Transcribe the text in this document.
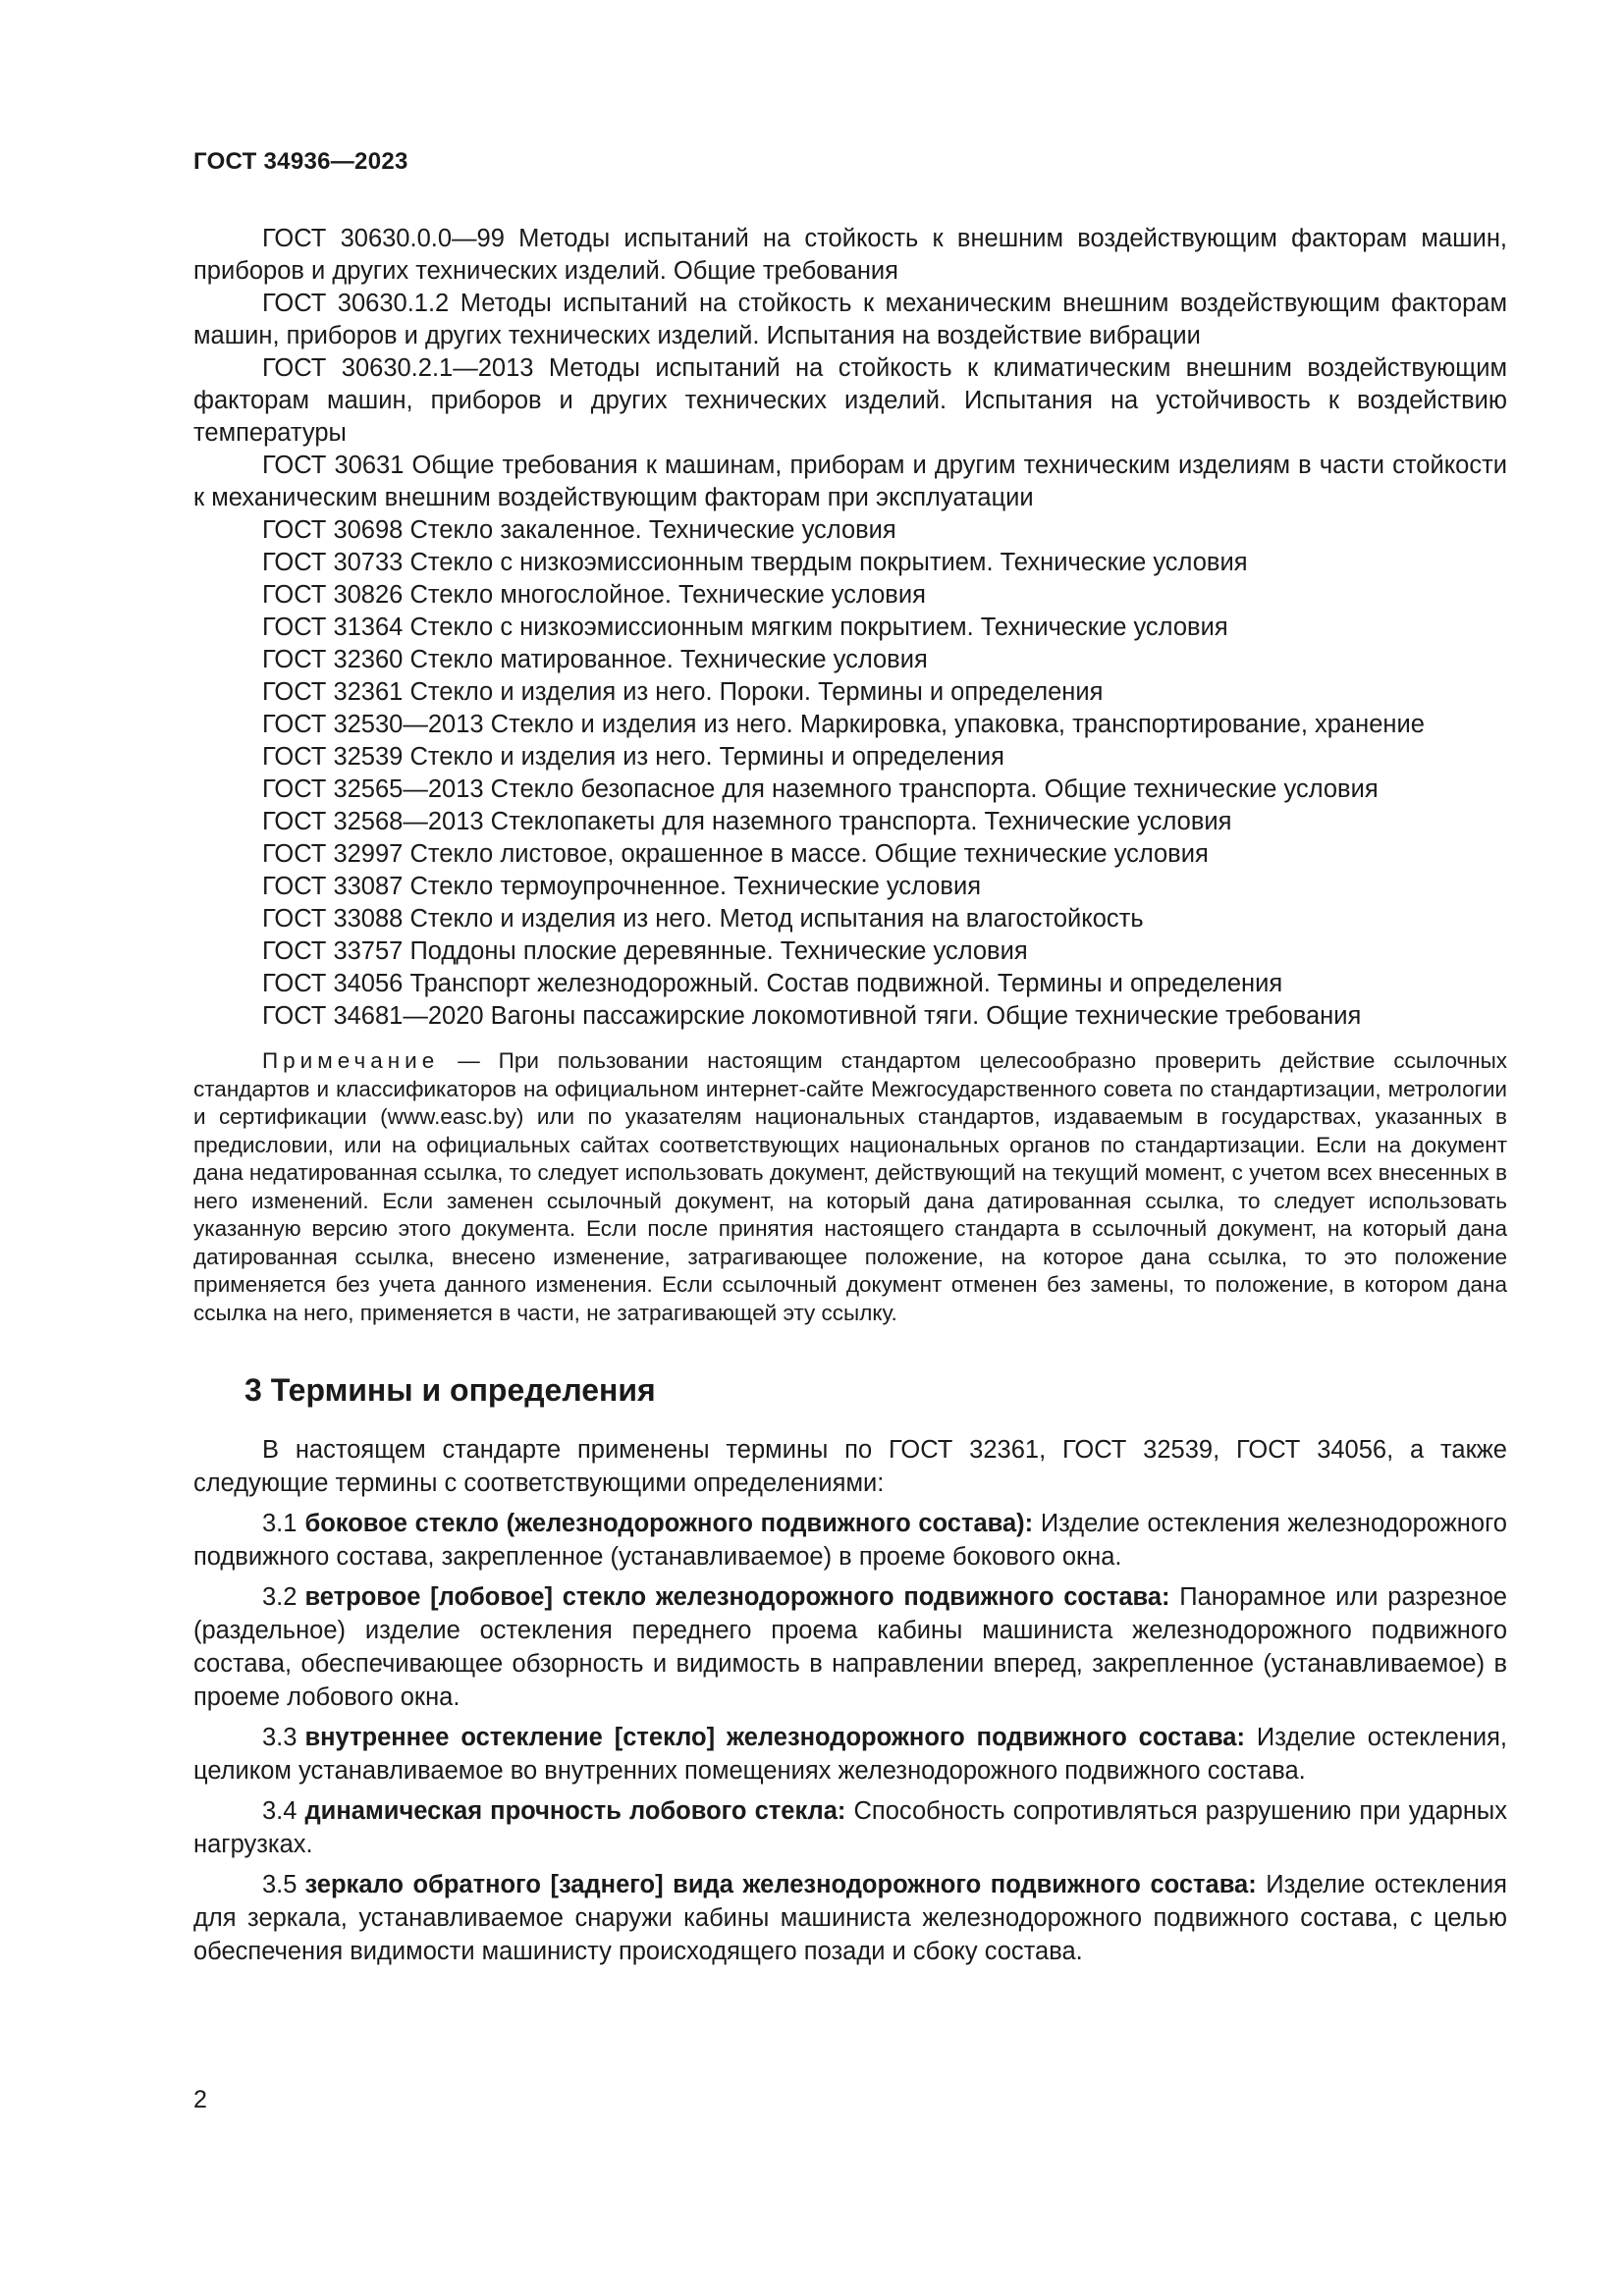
ГОСТ 34936—2023

ГОСТ 30630.0.0—99 Методы испытаний на стойкость к внешним воздействующим факторам машин, приборов и других технических изделий. Общие требования

ГОСТ 30630.1.2 Методы испытаний на стойкость к механическим внешним воздействующим факторам машин, приборов и других технических изделий. Испытания на воздействие вибрации

ГОСТ 30630.2.1—2013 Методы испытаний на стойкость к климатическим внешним воздействующим факторам машин, приборов и других технических изделий. Испытания на устойчивость к воздействию температуры

ГОСТ 30631 Общие требования к машинам, приборам и другим техническим изделиям в части стойкости к механическим внешним воздействующим факторам при эксплуатации

ГОСТ 30698 Стекло закаленное. Технические условия

ГОСТ 30733 Стекло с низкоэмиссионным твердым покрытием. Технические условия

ГОСТ 30826 Стекло многослойное. Технические условия

ГОСТ 31364 Стекло с низкоэмиссионным мягким покрытием. Технические условия

ГОСТ 32360 Стекло матированное. Технические условия

ГОСТ 32361 Стекло и изделия из него. Пороки. Термины и определения

ГОСТ 32530—2013 Стекло и изделия из него. Маркировка, упаковка, транспортирование, хранение

ГОСТ 32539 Стекло и изделия из него. Термины и определения

ГОСТ 32565—2013 Стекло безопасное для наземного транспорта. Общие технические условия

ГОСТ 32568—2013 Стеклопакеты для наземного транспорта. Технические условия

ГОСТ 32997 Стекло листовое, окрашенное в массе. Общие технические условия

ГОСТ 33087 Стекло термоупрочненное. Технические условия

ГОСТ 33088 Стекло и изделия из него. Метод испытания на влагостойкость

ГОСТ 33757 Поддоны плоские деревянные. Технические условия

ГОСТ 34056 Транспорт железнодорожный. Состав подвижной. Термины и определения

ГОСТ 34681—2020 Вагоны пассажирские локомотивной тяги. Общие технические требования

Примечание — При пользовании настоящим стандартом целесообразно проверить действие ссылочных стандартов и классификаторов на официальном интернет-сайте Межгосударственного совета по стандартизации, метрологии и сертификации (www.easc.by) или по указателям национальных стандартов, издаваемым в государствах, указанных в предисловии, или на официальных сайтах соответствующих национальных органов по стандартизации. Если на документ дана недатированная ссылка, то следует использовать документ, действующий на текущий момент, с учетом всех внесенных в него изменений. Если заменен ссылочный документ, на который дана датированная ссылка, то следует использовать указанную версию этого документа. Если после принятия настоящего стандарта в ссылочный документ, на который дана датированная ссылка, внесено изменение, затрагивающее положение, на которое дана ссылка, то это положение применяется без учета данного изменения. Если ссылочный документ отменен без замены, то положение, в котором дана ссылка на него, применяется в части, не затрагивающей эту ссылку.

3 Термины и определения

В настоящем стандарте применены термины по ГОСТ 32361, ГОСТ 32539, ГОСТ 34056, а также следующие термины с соответствующими определениями:

3.1 боковое стекло (железнодорожного подвижного состава): Изделие остекления железнодорожного подвижного состава, закрепленное (устанавливаемое) в проеме бокового окна.

3.2 ветровое [лобовое] стекло железнодорожного подвижного состава: Панорамное или разрезное (раздельное) изделие остекления переднего проема кабины машиниста железнодорожного подвижного состава, обеспечивающее обзорность и видимость в направлении вперед, закрепленное (устанавливаемое) в проеме лобового окна.

3.3 внутреннее остекление [стекло] железнодорожного подвижного состава: Изделие остекления, целиком устанавливаемое во внутренних помещениях железнодорожного подвижного состава.

3.4 динамическая прочность лобового стекла: Способность сопротивляться разрушению при ударных нагрузках.

3.5 зеркало обратного [заднего] вида железнодорожного подвижного состава: Изделие остекления для зеркала, устанавливаемое снаружи кабины машиниста железнодорожного подвижного состава, с целью обеспечения видимости машинисту происходящего позади и сбоку состава.

2
